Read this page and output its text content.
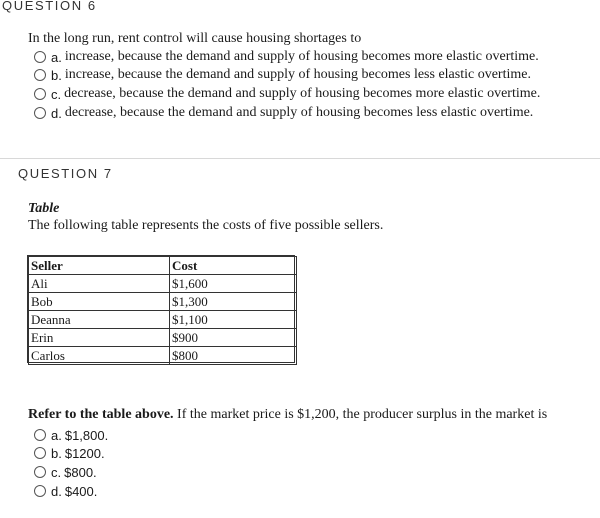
QUESTION 6
In the long run, rent control will cause housing shortages to
a. increase, because the demand and supply of housing becomes more elastic overtime.
b. increase, because the demand and supply of housing becomes less elastic overtime.
c. decrease, because the demand and supply of housing becomes more elastic overtime.
d. decrease, because the demand and supply of housing becomes less elastic overtime.
QUESTION 7
Table
The following table represents the costs of five possible sellers.
Seller	Cost
Ali	$1,600
Bob	$1,300
Deanna	$1,100
Erin	$900
Carlos	$800
Refer to the table above. If the market price is $1,200, the producer surplus in the market is
a. $1,800.
b. $1200.
c. $800.
d. $400.
